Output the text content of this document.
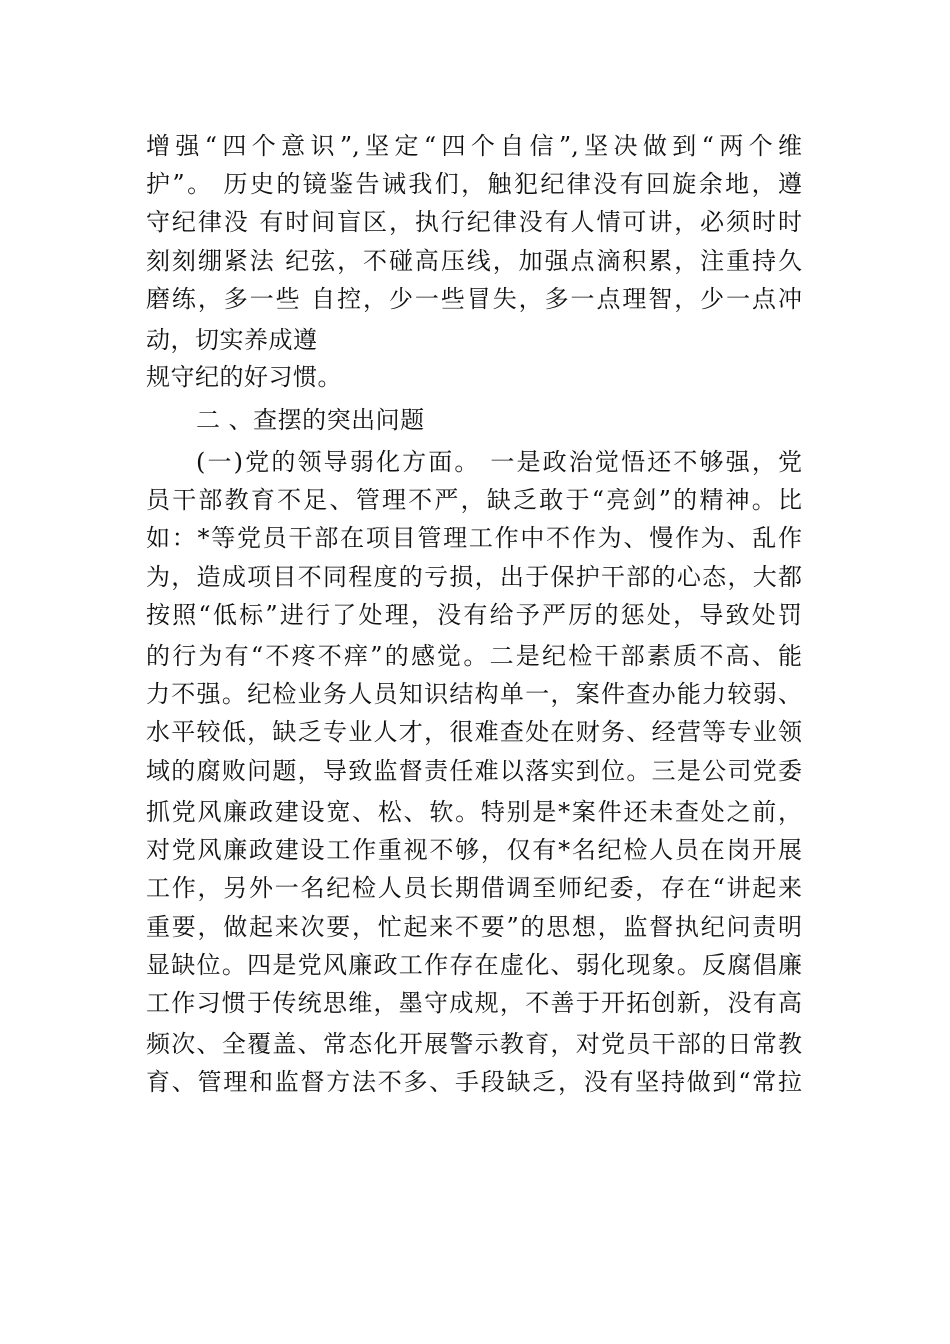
增强“四个意识”,坚定“四个自信”,坚决做到“两个维
护”。 历史的镜鉴告诫我们，触犯纪律没有回旋余地，遵
守纪律没 有时间盲区，执行纪律没有人情可讲，必须时时
刻刻绷紧法 纪弦，不碰高压线，加强点滴积累，注重持久
磨练，多一些 自控，少一些冒失，多一点理智，少一点冲
动，切实养成遵
规守纪的好习惯。
二 、查摆的突出问题
(一)党的领导弱化方面。 一是政治觉悟还不够强，党
员干部教育不足、管理不严，缺乏敢于“亮剑”的精神。比
如：*等党员干部在项目管理工作中不作为、慢作为、乱作
为，造成项目不同程度的亏损，出于保护干部的心态，大都
按照“低标”进行了处理，没有给予严厉的惩处，导致处罚
的行为有“不疼不痒”的感觉。二是纪检干部素质不高、能
力不强。纪检业务人员知识结构单一，案件查办能力较弱、
水平较低，缺乏专业人才，很难查处在财务、经营等专业领
域的腐败问题，导致监督责任难以落实到位。三是公司党委
抓党风廉政建设宽、松、软。特别是*案件还未查处之前，
对党风廉政建设工作重视不够，仅有*名纪检人员在岗开展
工作，另外一名纪检人员长期借调至师纪委，存在“讲起来
重要，做起来次要，忙起来不要”的思想，监督执纪问责明
显缺位。四是党风廉政工作存在虚化、弱化现象。反腐倡廉
工作习惯于传统思维，墨守成规，不善于开拓创新，没有高
频次、全覆盖、常态化开展警示教育，对党员干部的日常教
育、管理和监督方法不多、手段缺乏，没有坚持做到“常拉
